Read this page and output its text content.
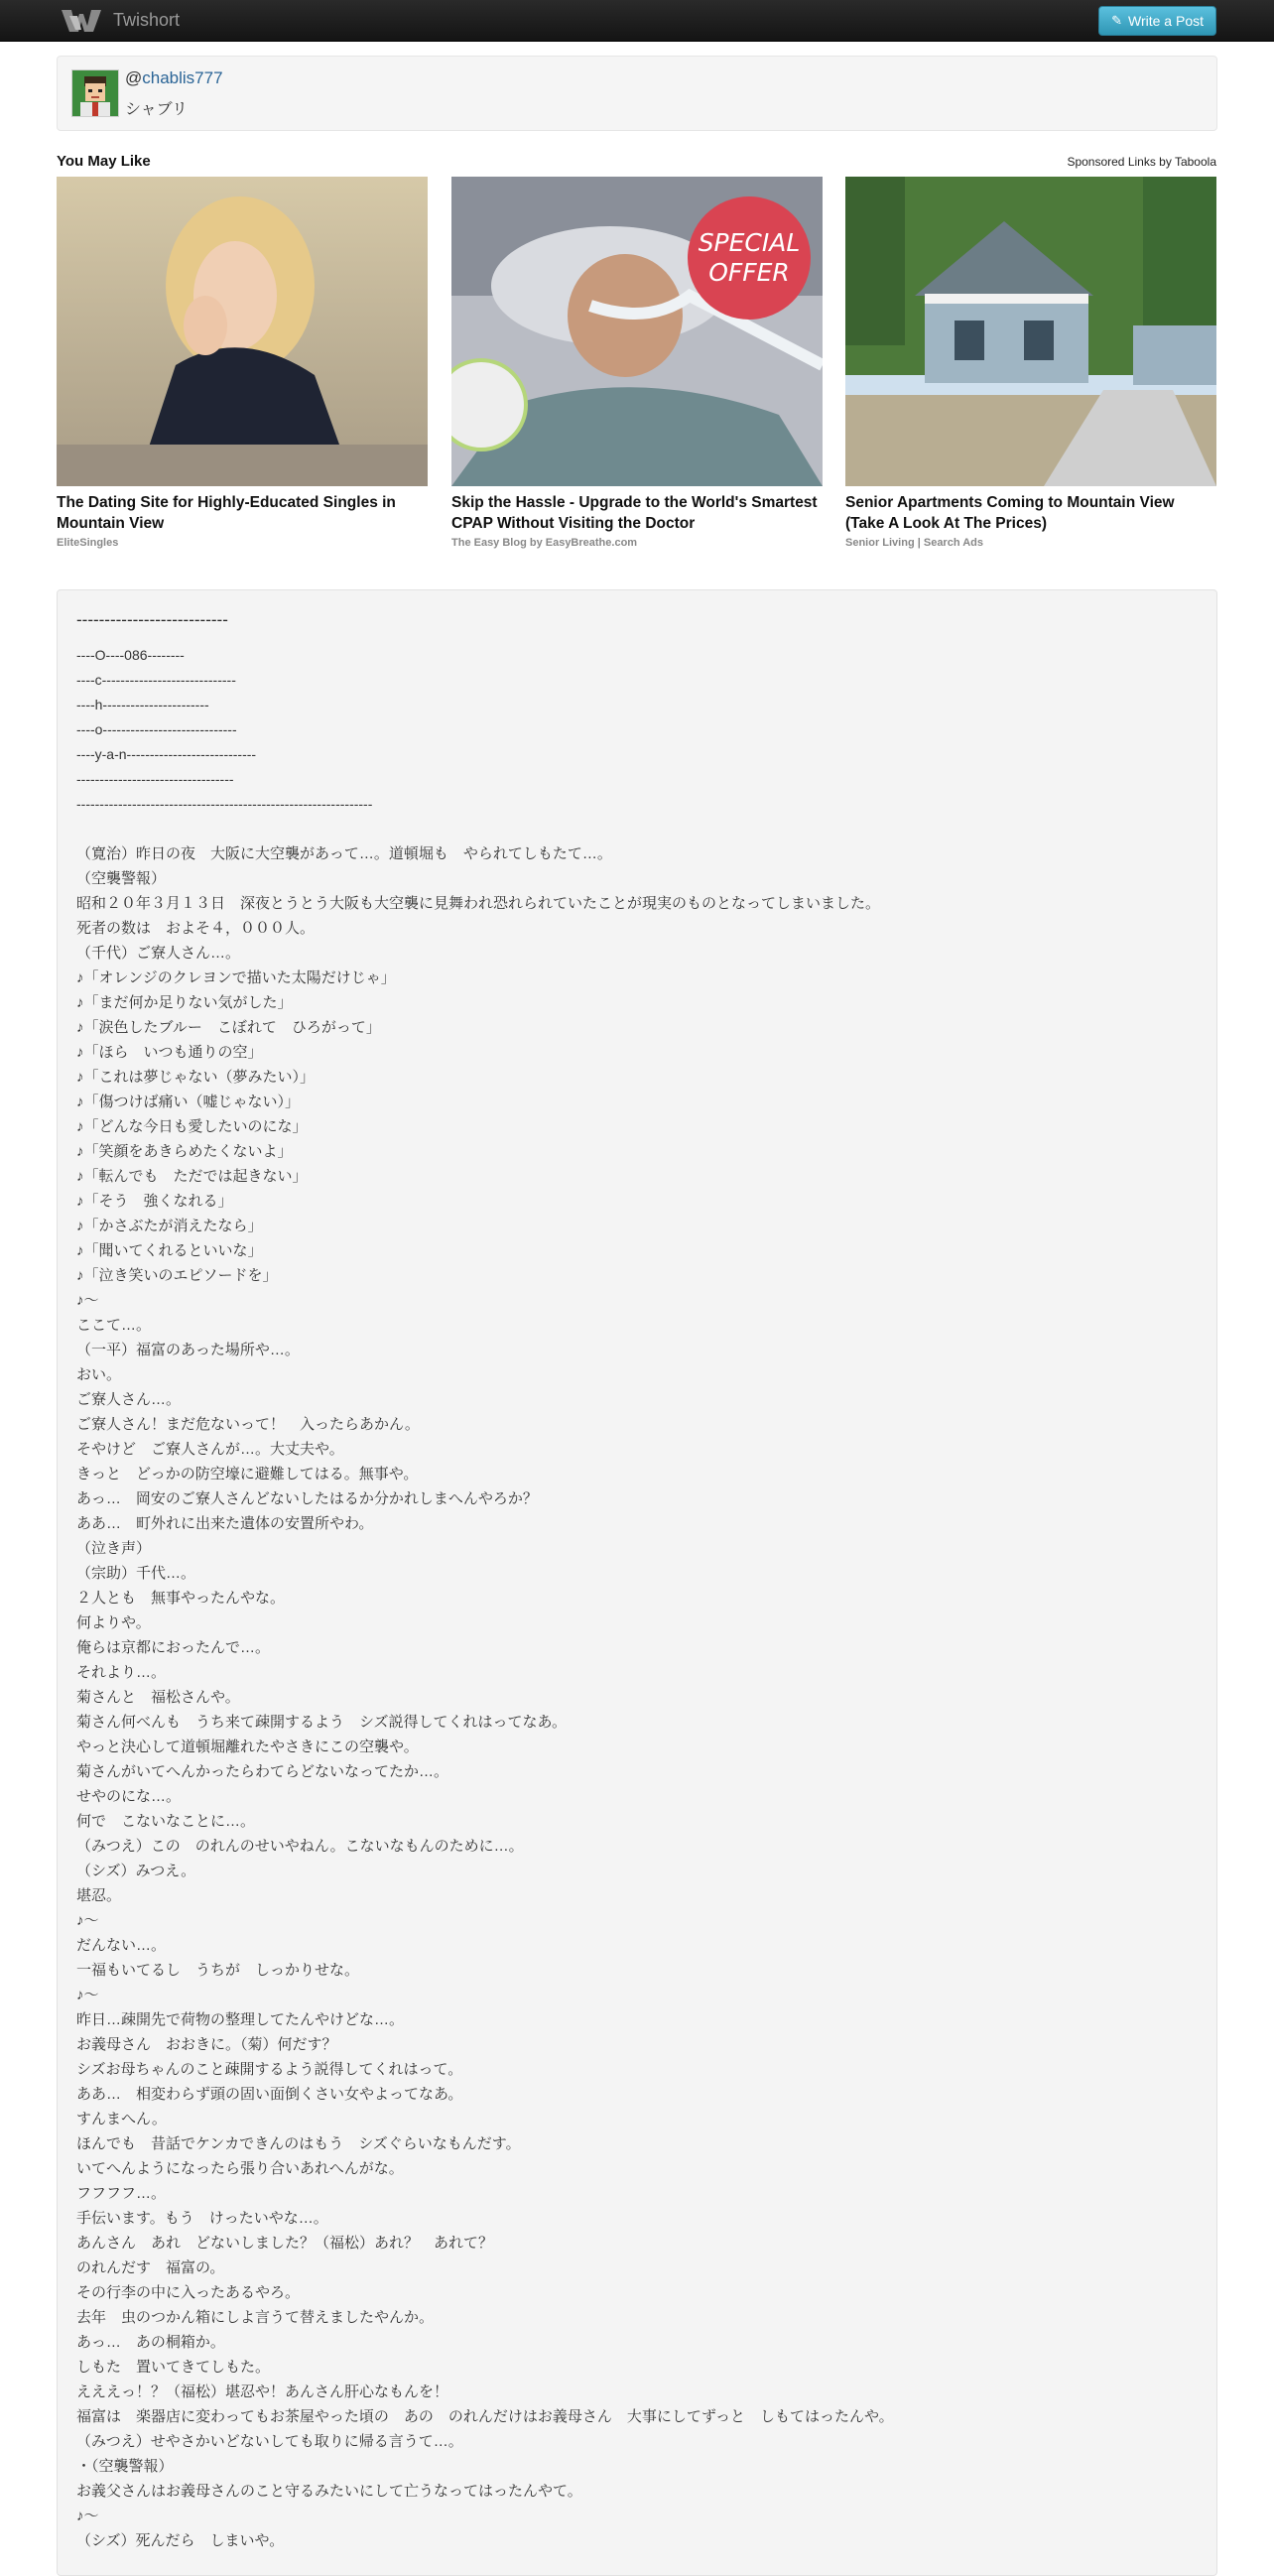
Twishort	✎ Write a Post
@chablis777
シャブリ
You May Like	Sponsored Links by Taboola
The Dating Site for Highly-Educated Singles in Mountain View
EliteSingles
SPECIAL
OFFER
Skip the Hassle - Upgrade to the World's Smartest CPAP Without Visiting the Doctor
The Easy Blog by EasyBreathe.com
Senior Apartments Coming to Mountain View (Take A Look At The Prices)
Senior Living | Search Ads
---------------------------
----O----086--------
----c-----------------------------
----h-----------------------
----o-----------------------------
----y-a-n----------------------------
----------------------------------
----------------------------------------------------------------
（寛治）昨日の夜　大阪に大空襲があって…。道頓堀も　やられてしもたて…。
（空襲警報）
昭和２０年３月１３日　深夜とうとう大阪も大空襲に見舞われ恐れられていたことが現実のものとなってしまいました。
死者の数は　およそ４，０００人。
（千代）ご寮人さん…。
♪「オレンジのクレヨンで描いた太陽だけじゃ」
♪「まだ何か足りない気がした」
♪「涙色したブルー　こぼれて　ひろがって」
♪「ほら　いつも通りの空」
♪「これは夢じゃない（夢みたい）」
♪「傷つけば痛い（嘘じゃない）」
♪「どんな今日も愛したいのにな」
♪「笑顔をあきらめたくないよ」
♪「転んでも　ただでは起きない」
♪「そう　強くなれる」
♪「かさぶたが消えたなら」
♪「聞いてくれるといいな」
♪「泣き笑いのエピソードを」
♪～
ここて…。
（一平）福富のあった場所や…。
おい。
ご寮人さん…。
ご寮人さん！まだ危ないって！　入ったらあかん。
そやけど　ご寮人さんが…。大丈夫や。
きっと　どっかの防空壕に避難してはる。無事や。
あっ…　岡安のご寮人さんどないしたはるか分かれしまへんやろか？
ああ…　町外れに出来た遺体の安置所やわ。
（泣き声）
（宗助）千代…。
２人とも　無事やったんやな。
何よりや。
俺らは京都におったんで…。
それより…。
菊さんと　福松さんや。
菊さん何べんも　うち来て疎開するよう　シズ説得してくれはってなあ。
やっと決心して道頓堀離れたやさきにこの空襲や。
菊さんがいてへんかったらわてらどないなってたか…。
せやのにな…。
何で　こないなことに…。
（みつえ）この　のれんのせいやねん。こないなもんのために…。
（シズ）みつえ。
堪忍。
♪～
だんない…。
一福もいてるし　うちが　しっかりせな。
♪～
昨日…疎開先で荷物の整理してたんやけどな…。
お義母さん　おおきに。（菊）何だす？
シズお母ちゃんのこと疎開するよう説得してくれはって。
ああ…　相変わらず頭の固い面倒くさい女やよってなあ。
すんまへん。
ほんでも　昔話でケンカできんのはもう　シズぐらいなもんだす。
いてへんようになったら張り合いあれへんがな。
フフフフ…。
手伝います。もう　けったいやな…。
あんさん　あれ　どないしました？（福松）あれ？　あれて？
のれんだす　福富の。
その行李の中に入ったあるやろ。
去年　虫のつかん箱にしよ言うて替えましたやんか。
あっ…　あの桐箱か。
しもた　置いてきてしもた。
えええっ！？（福松）堪忍や！あんさん肝心なもんを！
福富は　楽器店に変わってもお茶屋やった頃の　あの　のれんだけはお義母さん　大事にしてずっと　しもてはったんや。
（みつえ）せやさかいどないしても取りに帰る言うて…。
・（空襲警報）
お義父さんはお義母さんのこと守るみたいにして亡うなってはったんやて。
♪～
（シズ）死んだら　しまいや。
